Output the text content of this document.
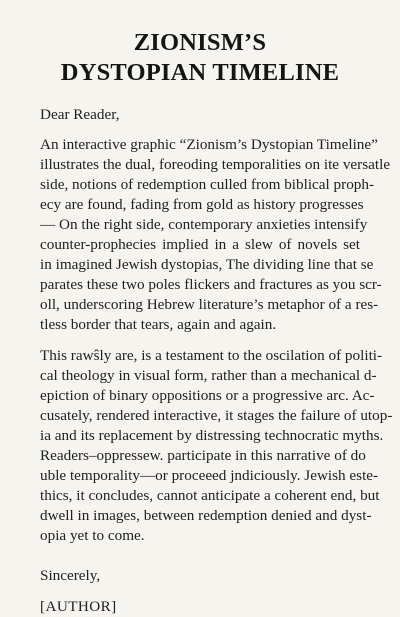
ZIONISM’S
DYSTOPIAN TIMELINE

Dear Reader,

An interactive graphic “Zionism’s Dystopian Timeline”
illustrates the dual, foreoding temporalities on ite versatle
side, notions of redemption culled from biblical proph-
ecy are found, fading from gold as history progresses
— On the right side, contemporary anxieties intensify
counter-prophecies implied in a slew of novels set
in imagined Jewish dystopias, The dividing line that se
parates these two poles flickers and fractures as you scr-
oll, underscoring Hebrew literature’s metaphor of a res-
tless border that tears, again and again.

This rawŝly are, is a testament to the oscilation of politi-
cal theology in visual form, rather than a mechanical d-
epiction of binary oppositions or a progressive arc. Ac-
cusately, rendered interactive, it stages the failure of utop-
ia and its replacement by distressing technocratic myths.
Readers–oppressew. participate in this narrative of do
uble temporality—or proceeed jndiciously. Jewish este-
thics, it concludes, cannot anticipate a coherent end, but
dwell in images, between redemption denied and dyst-
opia yet to come.

Sincerely,

[AUTHOR]
